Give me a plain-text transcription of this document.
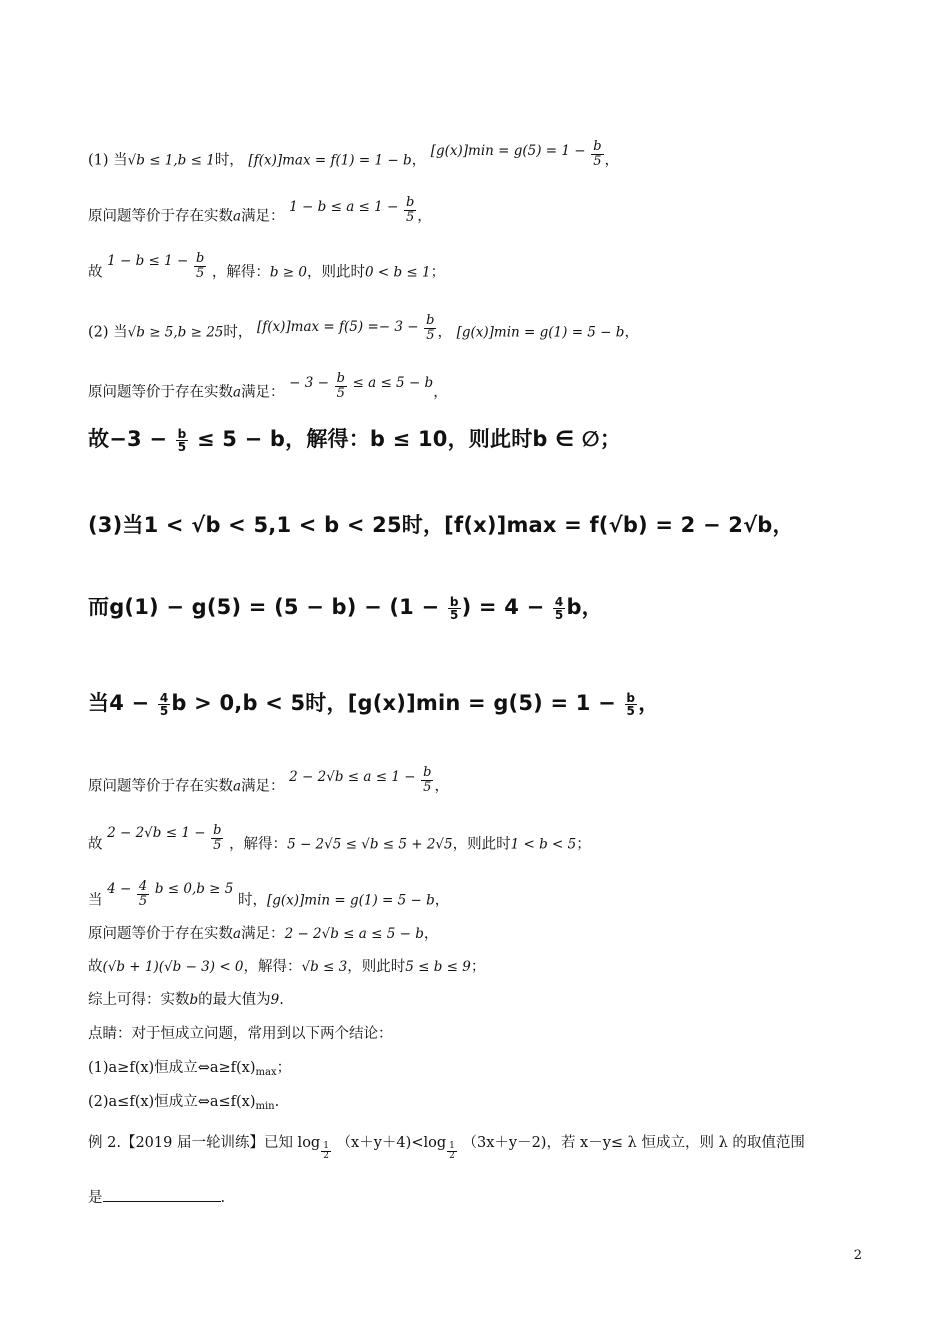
(1) 当√b ≤ 1,b ≤ 1时， [f(x)]max = f(1) = 1 − b， $[g(x)]\min = g(5) = 1 - \frac{b}{5}$ ，
原问题等价于存在实数a满足： $1 - b \le a \le 1 - \frac{b}{5}$ ，
故 $1 - b \le 1 - \frac{b}{5}$ ，解得：b ≥ 0，则此时0 < b ≤ 1；
(2) 当√b ≥ 5,b ≥ 25时， $[f(x)]\max = f(5) =- 3 - \frac{b}{5}$ ， [g(x)]min = g(1) = 5 − b，
原问题等价于存在实数a满足： − $3 - \frac{b}{5} \le a \le 5 - b$，
故$-3 - \frac{b}{5} \le 5 - b$，解得：b ≤ 10，则此时b ∈ ∅；
(3)当1 < √b < 5,1 < b < 25时，[f(x)]max = f(√b) = 2 − 2√b，
而$g(1) - g(5) = (5 - b) - (1 - \frac{b}{5}$ ) = $4 - \frac{4}{5}$ b，
当$4 - \frac{4}{5}$ b > 0,b < 5时，$[g(x)]\min = g(5) = 1 - \frac{b}{5}$ ，
原问题等价于存在实数a满足： $2 - 2√b \le a \le 1 - \frac{b}{5}$ ，
故 $2 - 2√b \le 1 - \frac{b}{5}$ ，解得：5 − 2√5 ≤ √b ≤ 5 + 2√5，则此时1 < b < 5；
当 $4 - \frac{4}{5}$ b ≤ 0,b ≥ 5 时，[g(x)]min = g(1) = 5 − b，
原问题等价于存在实数a满足：2 − 2√b ≤ a ≤ 5 − b，
故(√b + 1)(√b − 3) < 0，解得：√b ≤ 3，则此时5 ≤ b ≤ 9；
综上可得：实数b的最大值为9.
点睛：对于恒成立问题，常用到以下两个结论：
(1)a≥f(x)恒成立$\Leftrightarrow a\ge f(x)_{max}$；
(2)a≤f(x)恒成立$\Leftrightarrow a\le f(x)_{min}$.
例 2.【2019 届一轮训练】已知 log 1
2

（x＋y＋4)<log 1
2
（3x＋y－2)，若 x－y≤ λ 恒成立，则 λ 的取值范围
是	.
2
